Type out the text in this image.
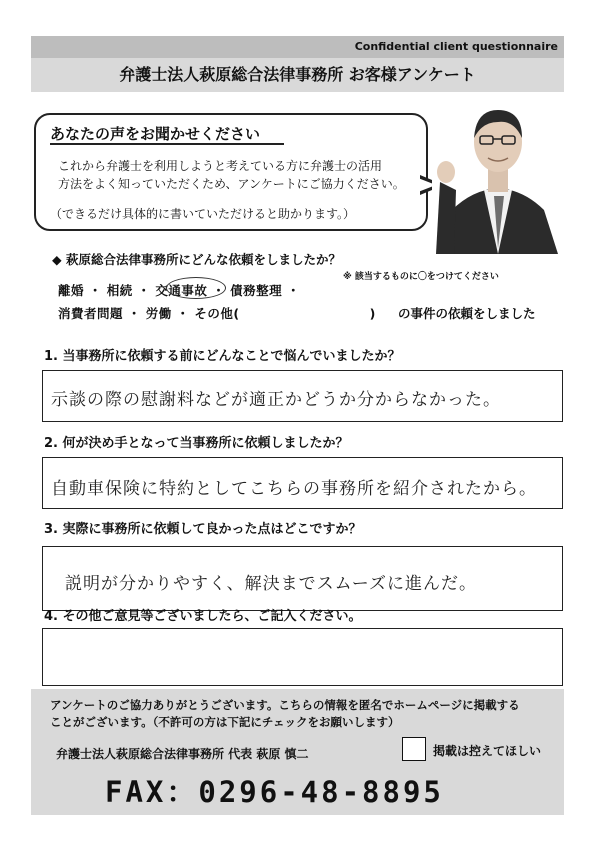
Confidential client questionnaire
弁護士法人萩原総合法律事務所 お客様アンケート
あなたの声をお聞かせください
これから弁護士を利用しようと考えている方に弁護士の活用
方法をよく知っていただくため、アンケートにご協力ください。
（できるだけ具体的に書いていただけると助かります。）
◆ 萩原総合法律事務所にどんな依頼をしましたか？
※ 該当するものに〇をつけてください
離婚 ・ 相続 ・ 交通事故 ・ 債務整理 ・
消費者問題 ・ 労働 ・ その他(　　　　　　　　　　) の事件の依頼をしました
1. 当事務所に依頼する前にどんなことで悩んでいましたか？
示談の際の慰謝料などが適正かどうか分からなかった。
2. 何が決め手となって当事務所に依頼しましたか？
自動車保険に特約としてこちらの事務所を紹介されたから。
3. 実際に事務所に依頼して良かった点はどこですか？
説明が分かりやすく、解決までスムーズに進んだ。
4. その他ご意見等ございましたら、ご記入ください。
アンケートのご協力ありがとうございます。こちらの情報を匿名でホームページに掲載する
ことがございます。（不許可の方は下記にチェックをお願いします）
弁護士法人萩原総合法律事務所 代表 萩原 慎二	掲載は控えてほしい
FAX：0296-48-8895
